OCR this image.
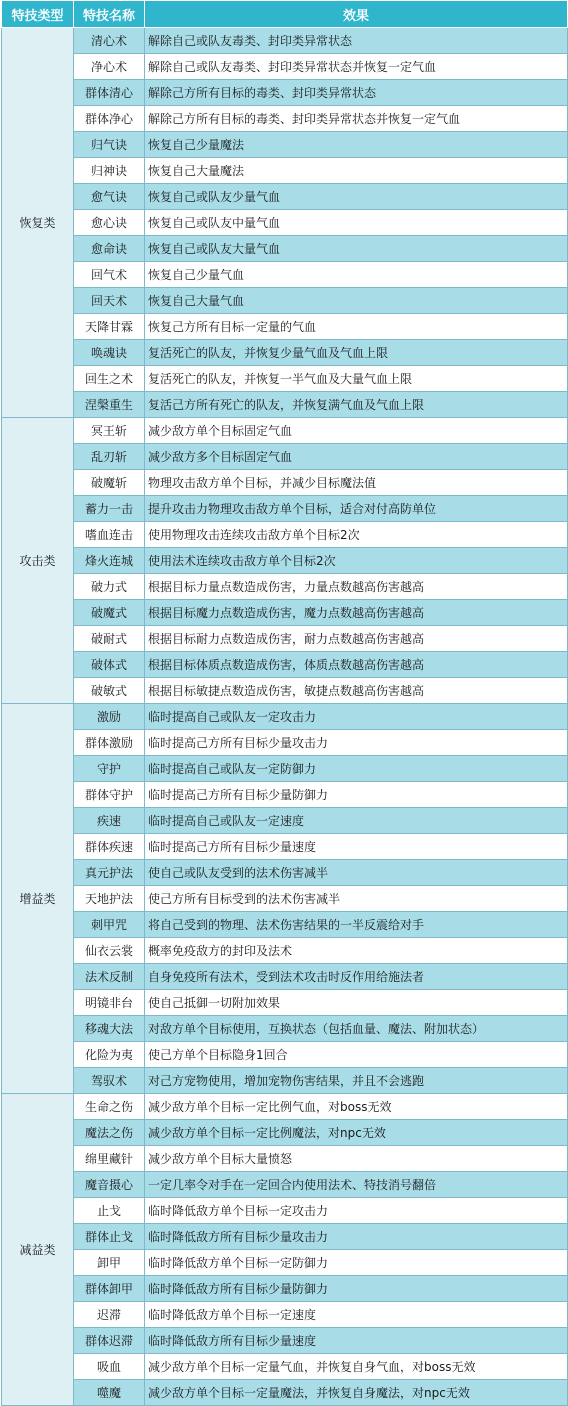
特技类型	特技名称	效果
恢复类	清心术	解除自己或队友毒类、封印类异常状态
	净心术	解除自己或队友毒类、封印类异常状态并恢复一定气血
	群体清心	解除己方所有目标的毒类、封印类异常状态
	群体净心	解除己方所有目标的毒类、封印类异常状态并恢复一定气血
	归气诀	恢复自己少量魔法
	归神诀	恢复自己大量魔法
	愈气诀	恢复自己或队友少量气血
	愈心诀	恢复自己或队友中量气血
	愈命诀	恢复自己或队友大量气血
	回气术	恢复自己少量气血
	回天术	恢复自己大量气血
	天降甘霖	恢复己方所有目标一定量的气血
	唤魂诀	复活死亡的队友，并恢复少量气血及气血上限
	回生之术	复活死亡的队友，并恢复一半气血及大量气血上限
	涅槃重生	复活己方所有死亡的队友，并恢复满气血及气血上限
攻击类	冥王斩	减少敌方单个目标固定气血
	乱刃斩	减少敌方多个目标固定气血
	破魔斩	物理攻击敌方单个目标，并减少目标魔法值
	蓄力一击	提升攻击力物理攻击敌方单个目标，适合对付高防单位
	嗜血连击	使用物理攻击连续攻击敌方单个目标2次
	烽火连城	使用法术连续攻击敌方单个目标2次
	破力式	根据目标力量点数造成伤害，力量点数越高伤害越高
	破魔式	根据目标魔力点数造成伤害，魔力点数越高伤害越高
	破耐式	根据目标耐力点数造成伤害，耐力点数越高伤害越高
	破体式	根据目标体质点数造成伤害，体质点数越高伤害越高
	破敏式	根据目标敏捷点数造成伤害，敏捷点数越高伤害越高
增益类	激励	临时提高自己或队友一定攻击力
	群体激励	临时提高己方所有目标少量攻击力
	守护	临时提高自己或队友一定防御力
	群体守护	临时提高己方所有目标少量防御力
	疾速	临时提高自己或队友一定速度
	群体疾速	临时提高己方所有目标少量速度
	真元护法	使自己或队友受到的法术伤害减半
	天地护法	使己方所有目标受到的法术伤害减半
	刺甲咒	将自己受到的物理、法术伤害结果的一半反震给对手
	仙衣云裳	概率免疫敌方的封印及法术
	法术反制	自身免疫所有法术，受到法术攻击时反作用给施法者
	明镜非台	使自己抵御一切附加效果
	移魂大法	对敌方单个目标使用，互换状态（包括血量、魔法、附加状态）
	化险为夷	使己方单个目标隐身1回合
	驾驭术	对己方宠物使用，增加宠物伤害结果，并且不会逃跑
减益类	生命之伤	减少敌方单个目标一定比例气血，对boss无效
	魔法之伤	减少敌方单个目标一定比例魔法，对npc无效
	绵里藏针	减少敌方单个目标大量愤怒
	魔音摄心	一定几率令对手在一定回合内使用法术、特技消号翻倍
	止戈	临时降低敌方单个目标一定攻击力
	群体止戈	临时降低敌方所有目标少量攻击力
	卸甲	临时降低敌方单个目标一定防御力
	群体卸甲	临时降低敌方所有目标少量防御力
	迟滞	临时降低敌方单个目标一定速度
	群体迟滞	临时降低敌方所有目标少量速度
	吸血	减少敌方单个目标一定量气血，并恢复自身气血，对boss无效
	噬魔	减少敌方单个目标一定量魔法，并恢复自身魔法，对npc无效
